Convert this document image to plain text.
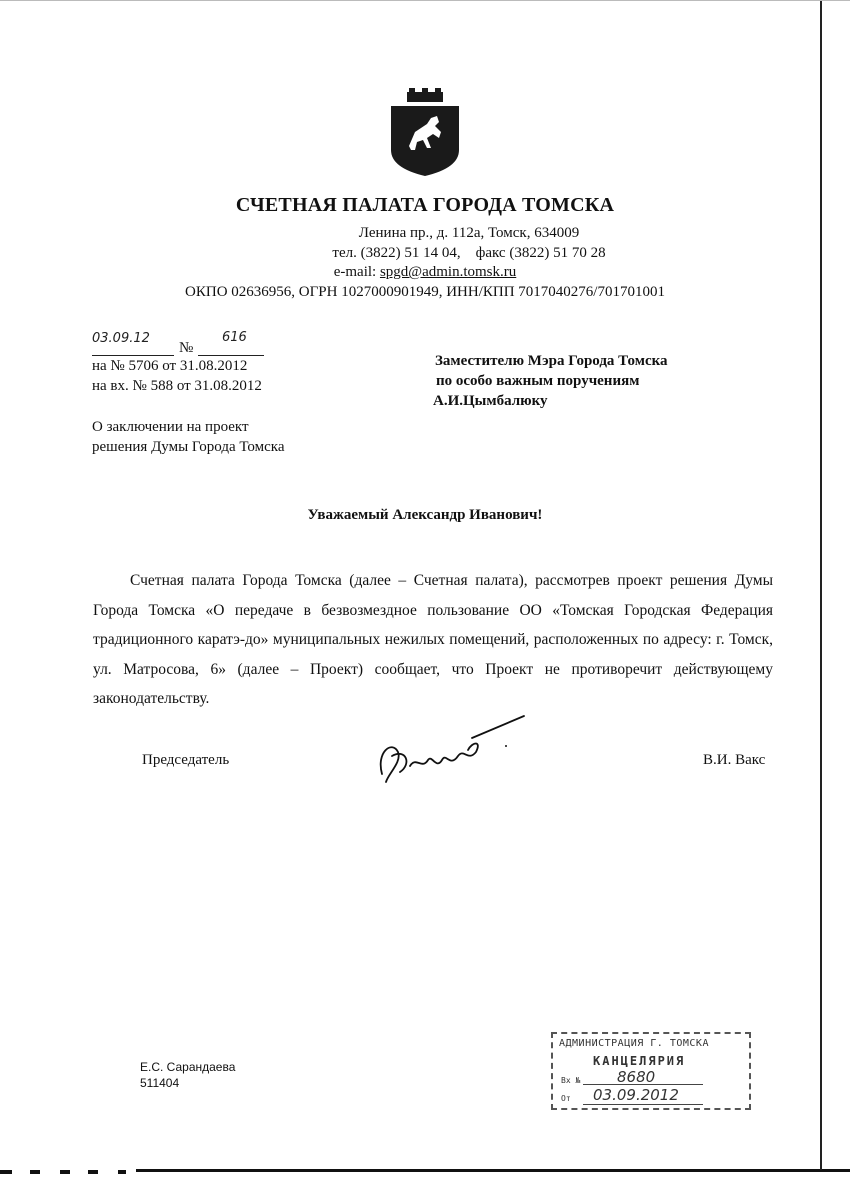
СЧЕТНАЯ ПАЛАТА ГОРОДА ТОМСКА
Ленина пр., д. 112а, Томск, 634009
тел. (3822) 51 14 04, факс (3822) 51 70 28
e-mail: spgd@admin.tomsk.ru
ОКПО 02636956, ОГРН 1027000901949, ИНН/КПП 7017040276/701701001
03.09.12
№
616
на № 5706 от 31.08.2012
на вх. № 588 от 31.08.2012
О заключении на проект
решения Думы Города Томска
Заместителю Мэра Города Томска
по особо важным поручениям
А.И.Цымбалюку
Уважаемый Александр Иванович!
Счетная палата Города Томска (далее – Счетная палата), рассмотрев проект решения Думы Города Томска «О передаче в безвозмездное пользование ОО «Томская Городская Федерация традиционного каратэ-до» муниципальных нежилых помещений, расположенных по адресу: г. Томск, ул. Матросова, 6» (далее – Проект) сообщает, что Проект не противоречит действующему законодательству.
Председатель	В.И. Вакс
Е.С. Сарандаева
511404
АДМИНИСТРАЦИЯ Г. ТОМСКА
КАНЦЕЛЯРИЯ
Вх № 8680
От 03.09.2012
